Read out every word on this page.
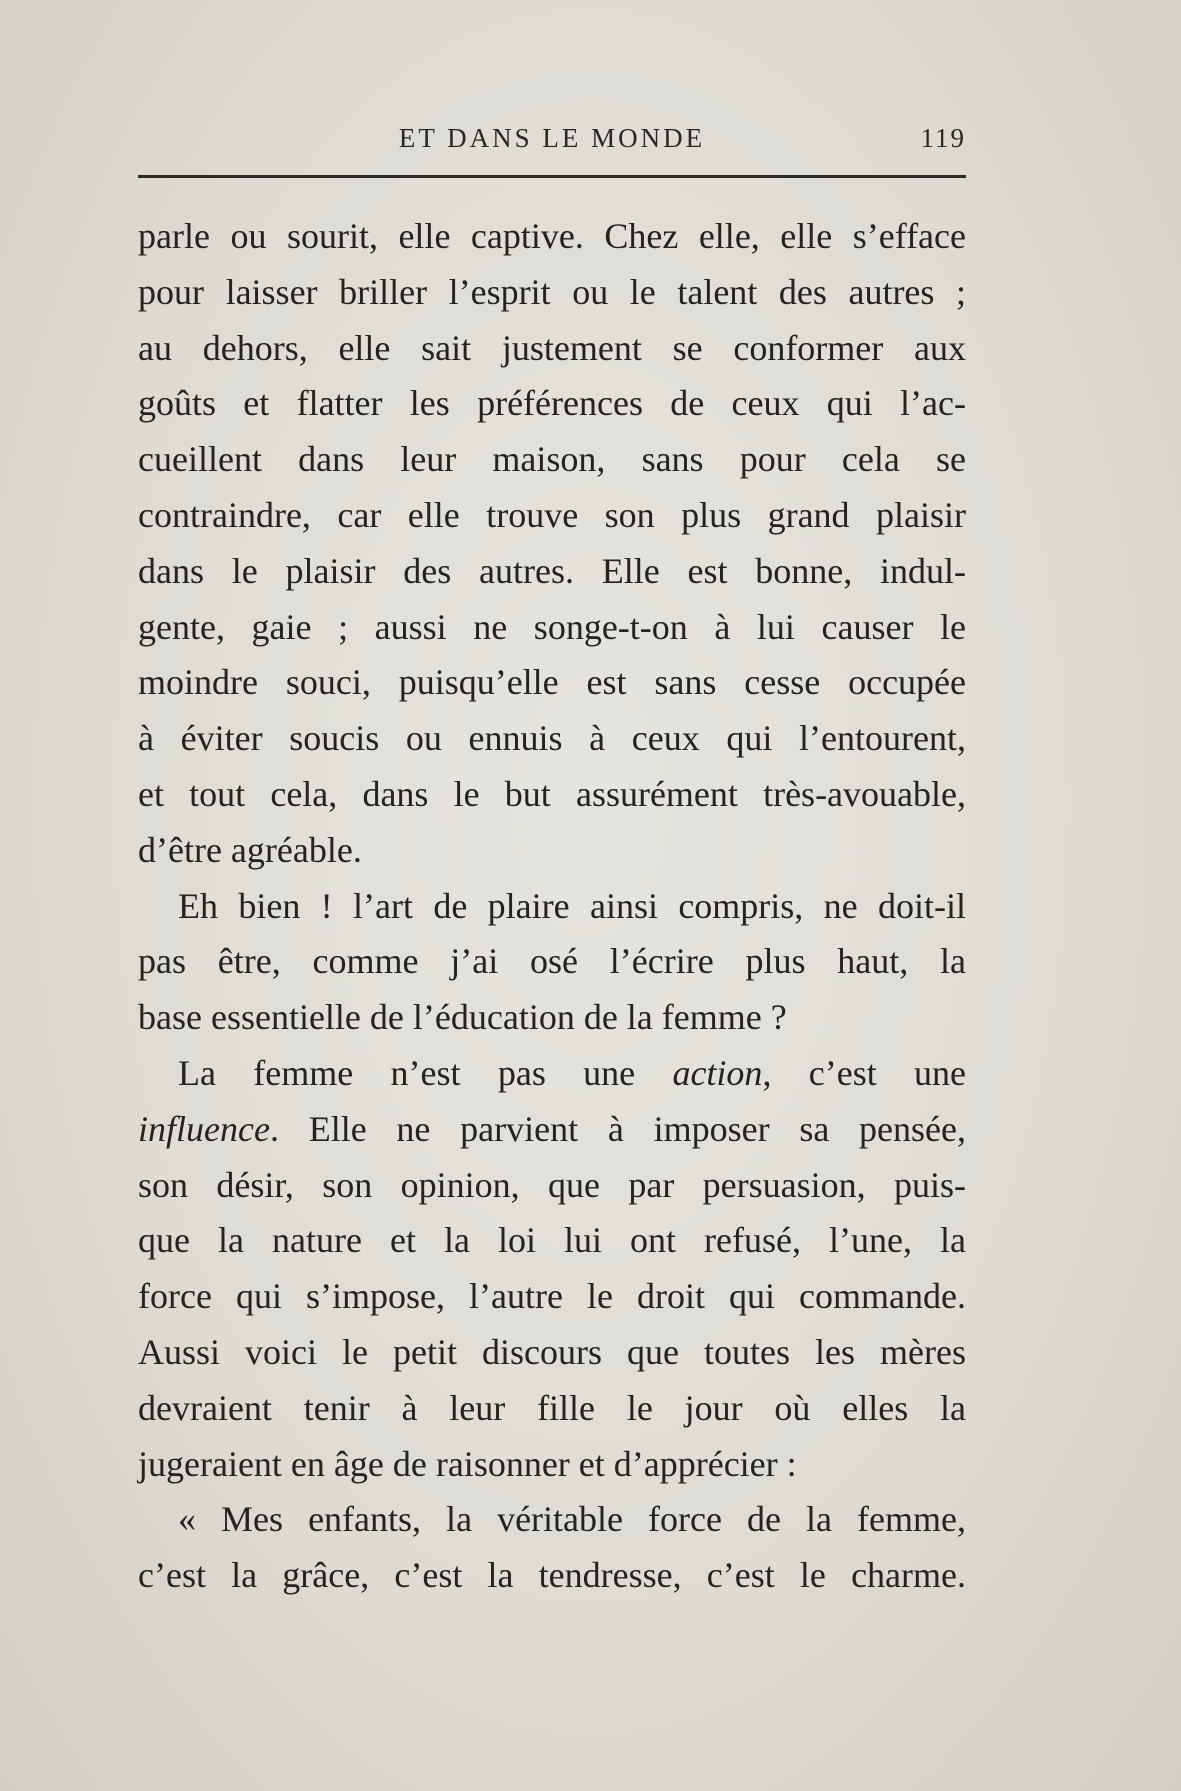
ET DANS LE MONDE	119
parle ou sourit, elle captive. Chez elle, elle s’efface
pour laisser briller l’esprit ou le talent des autres ;
au dehors, elle sait justement se conformer aux
goûts et flatter les préférences de ceux qui l’ac-
cueillent dans leur maison, sans pour cela se
contraindre, car elle trouve son plus grand plaisir
dans le plaisir des autres. Elle est bonne, indul-
gente, gaie ; aussi ne songe-t-on à lui causer le
moindre souci, puisqu’elle est sans cesse occupée
à éviter soucis ou ennuis à ceux qui l’entourent,
et tout cela, dans le but assurément très-avouable,
d’être agréable.
Eh bien ! l’art de plaire ainsi compris, ne doit-il
pas être, comme j’ai osé l’écrire plus haut, la
base essentielle de l’éducation de la femme ?
La femme n’est pas une action, c’est une
influence. Elle ne parvient à imposer sa pensée,
son désir, son opinion, que par persuasion, puis-
que la nature et la loi lui ont refusé, l’une, la
force qui s’impose, l’autre le droit qui commande.
Aussi voici le petit discours que toutes les mères
devraient tenir à leur fille le jour où elles la
jugeraient en âge de raisonner et d’apprécier :
« Mes enfants, la véritable force de la femme,
c’est la grâce, c’est la tendresse, c’est le charme.
